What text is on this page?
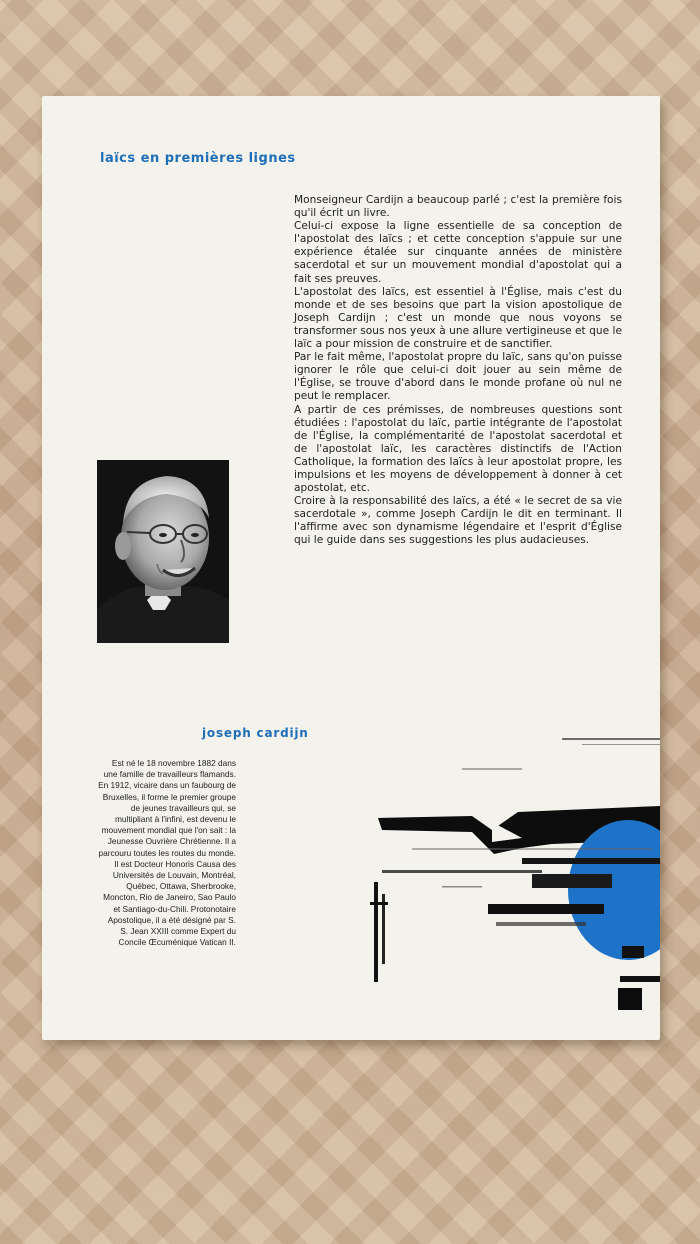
laïcs en premières lignes

Monseigneur Cardijn a beaucoup parlé ; c'est la première fois qu'il écrit un livre.

Celui-ci expose la ligne essentielle de sa conception de l'apostolat des laïcs ; et cette conception s'appuie sur une expérience étalée sur cinquante années de ministère sacerdotal et sur un mouvement mondial d'apostolat qui a fait ses preuves.

L'apostolat des laïcs, est essentiel à l'Église, mais c'est du monde et de ses besoins que part la vision apostolique de Joseph Cardijn ; c'est un monde que nous voyons se transformer sous nos yeux à une allure vertigineuse et que le laïc a pour mission de construire et de sanctifier.

Par le fait même, l'apostolat propre du laïc, sans qu'on puisse ignorer le rôle que celui-ci doit jouer au sein même de l'Église, se trouve d'abord dans le monde profane où nul ne peut le remplacer.

A partir de ces prémisses, de nombreuses questions sont étudiées : l'apostolat du laïc, partie intégrante de l'apostolat de l'Église, la complémentarité de l'apostolat sacerdotal et de l'apostolat laïc, les caractères distinctifs de l'Action Catholique, la formation des laïcs à leur apostolat propre, les impulsions et les moyens de développement à donner à cet apostolat, etc.

Croire à la responsabilité des laïcs, a été « le secret de sa vie sacerdotale », comme Joseph Cardijn le dit en terminant. Il l'affirme avec son dynamisme légendaire et l'esprit d'Église qui le guide dans ses suggestions les plus audacieuses.

joseph cardijn

Est né le 18 novembre 1882 dans une famille de travailleurs flamands. En 1912, vicaire dans un faubourg de Bruxelles, il forme le premier groupe de jeunes travailleurs qui, se multipliant à l'infini, est devenu le mouvement mondial que l'on sait : la Jeunesse Ouvrière Chrétienne. Il a parcouru toutes les routes du monde. Il est Docteur Honoris Causa des Universités de Louvain, Montréal, Québec, Ottawa, Sherbrooke, Moncton, Rio de Janeiro, Sao Paulo et Santiago-du-Chili. Protonotaire Apostolique, il a été désigné par S. S. Jean XXIII comme Expert du Concile Œcuménique Vatican II.
